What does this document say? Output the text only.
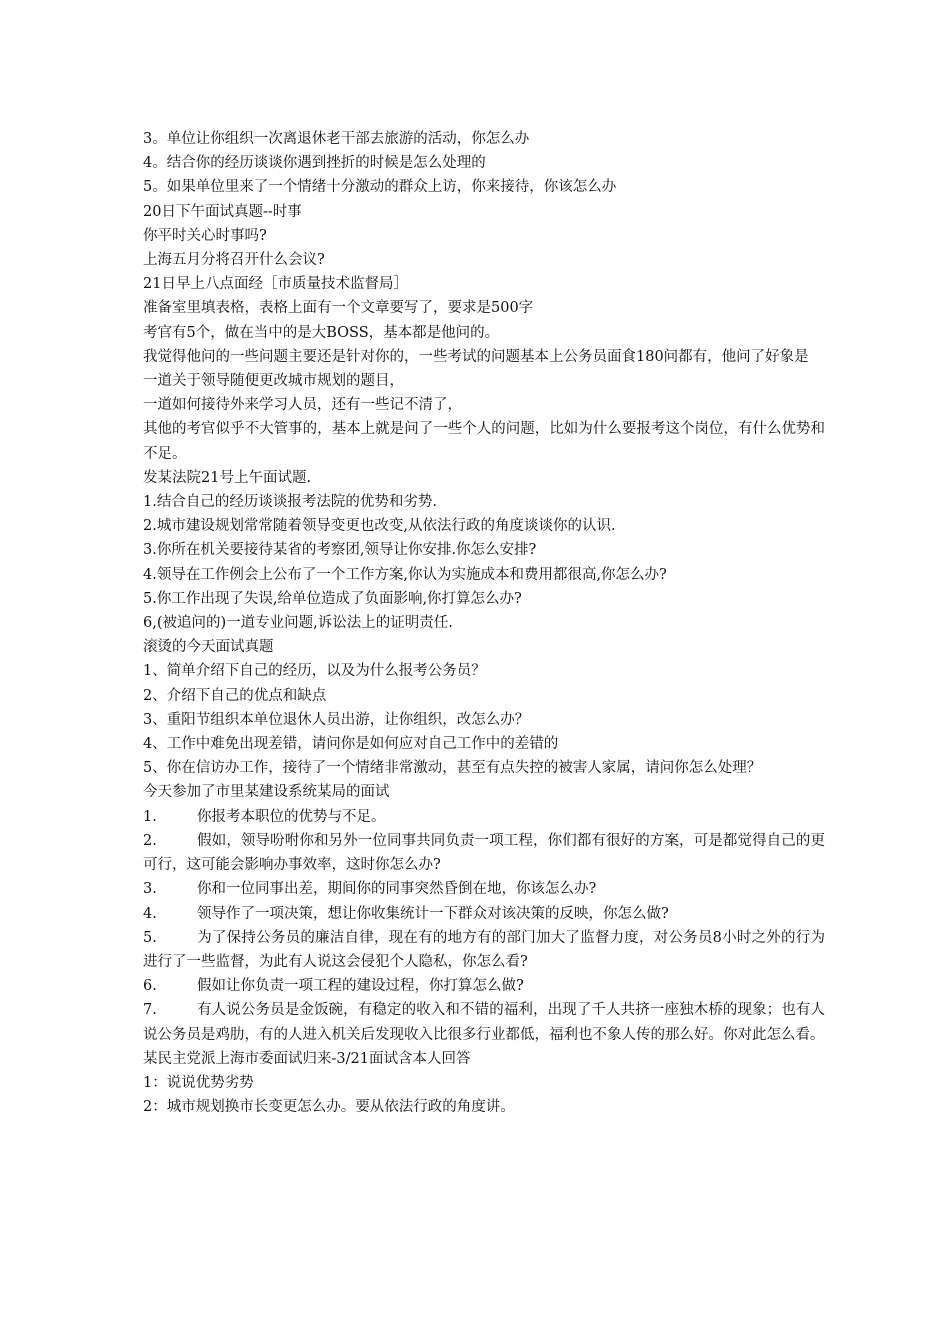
3。单位让你组织一次离退休老干部去旅游的活动，你怎么办
4。结合你的经历谈谈你遇到挫折的时候是怎么处理的
5。如果单位里来了一个情绪十分激动的群众上访，你来接待，你该怎么办
20日下午面试真题--时事
你平时关心时事吗?
上海五月分将召开什么会议?
21日早上八点面经［市质量技术监督局］
准备室里填表格，表格上面有一个文章要写了，要求是500字
考官有5个，做在当中的是大BOSS，基本都是他问的。
我觉得他问的一些问题主要还是针对你的，一些考试的问题基本上公务员面食180问都有，他问了好象是
一道关于领导随便更改城市规划的题目，
一道如何接待外来学习人员，还有一些记不清了，
其他的考官似乎不大管事的，基本上就是问了一些个人的问题，比如为什么要报考这个岗位，有什么优势和不足。
发某法院21号上午面试题.
1.结合自己的经历谈谈报考法院的优势和劣势.
2.城市建设规划常常随着领导变更也改变,从依法行政的角度谈谈你的认识.
3.你所在机关要接待某省的考察团,领导让你安排.你怎么安排?
4.领导在工作例会上公布了一个工作方案,你认为实施成本和费用都很高,你怎么办?
5.你工作出现了失误,给单位造成了负面影响,你打算怎么办?
6,(被追问的)一道专业问题,诉讼法上的证明责任.
滚烫的今天面试真题
1、简单介绍下自己的经历，以及为什么报考公务员？
2、介绍下自己的优点和缺点
3、重阳节组织本单位退休人员出游，让你组织，改怎么办？
4、工作中难免出现差错，请问你是如何应对自己工作中的差错的
5、你在信访办工作，接待了一个情绪非常激动，甚至有点失控的被害人家属，请问你怎么处理？
今天参加了市里某建设系统某局的面试
1.	你报考本职位的优势与不足。
2.	假如，领导吩咐你和另外一位同事共同负责一项工程，你们都有很好的方案，可是都觉得自己的更可行，这可能会影响办事效率，这时你怎么办?
3.	你和一位同事出差，期间你的同事突然昏倒在地，你该怎么办?
4.	领导作了一项决策，想让你收集统计一下群众对该决策的反映，你怎么做?
5.	为了保持公务员的廉洁自律，现在有的地方有的部门加大了监督力度，对公务员8小时之外的行为进行了一些监督，为此有人说这会侵犯个人隐私，你怎么看?
6.	假如让你负责一项工程的建设过程，你打算怎么做?
7.	有人说公务员是金饭碗，有稳定的收入和不错的福利，出现了千人共挤一座独木桥的现象；也有人说公务员是鸡肋，有的人进入机关后发现收入比很多行业都低，福利也不象人传的那么好。你对此怎么看。
某民主党派上海市委面试归来-3/21面试含本人回答
1：说说优势劣势
2：城市规划换市长变更怎么办。要从依法行政的角度讲。
